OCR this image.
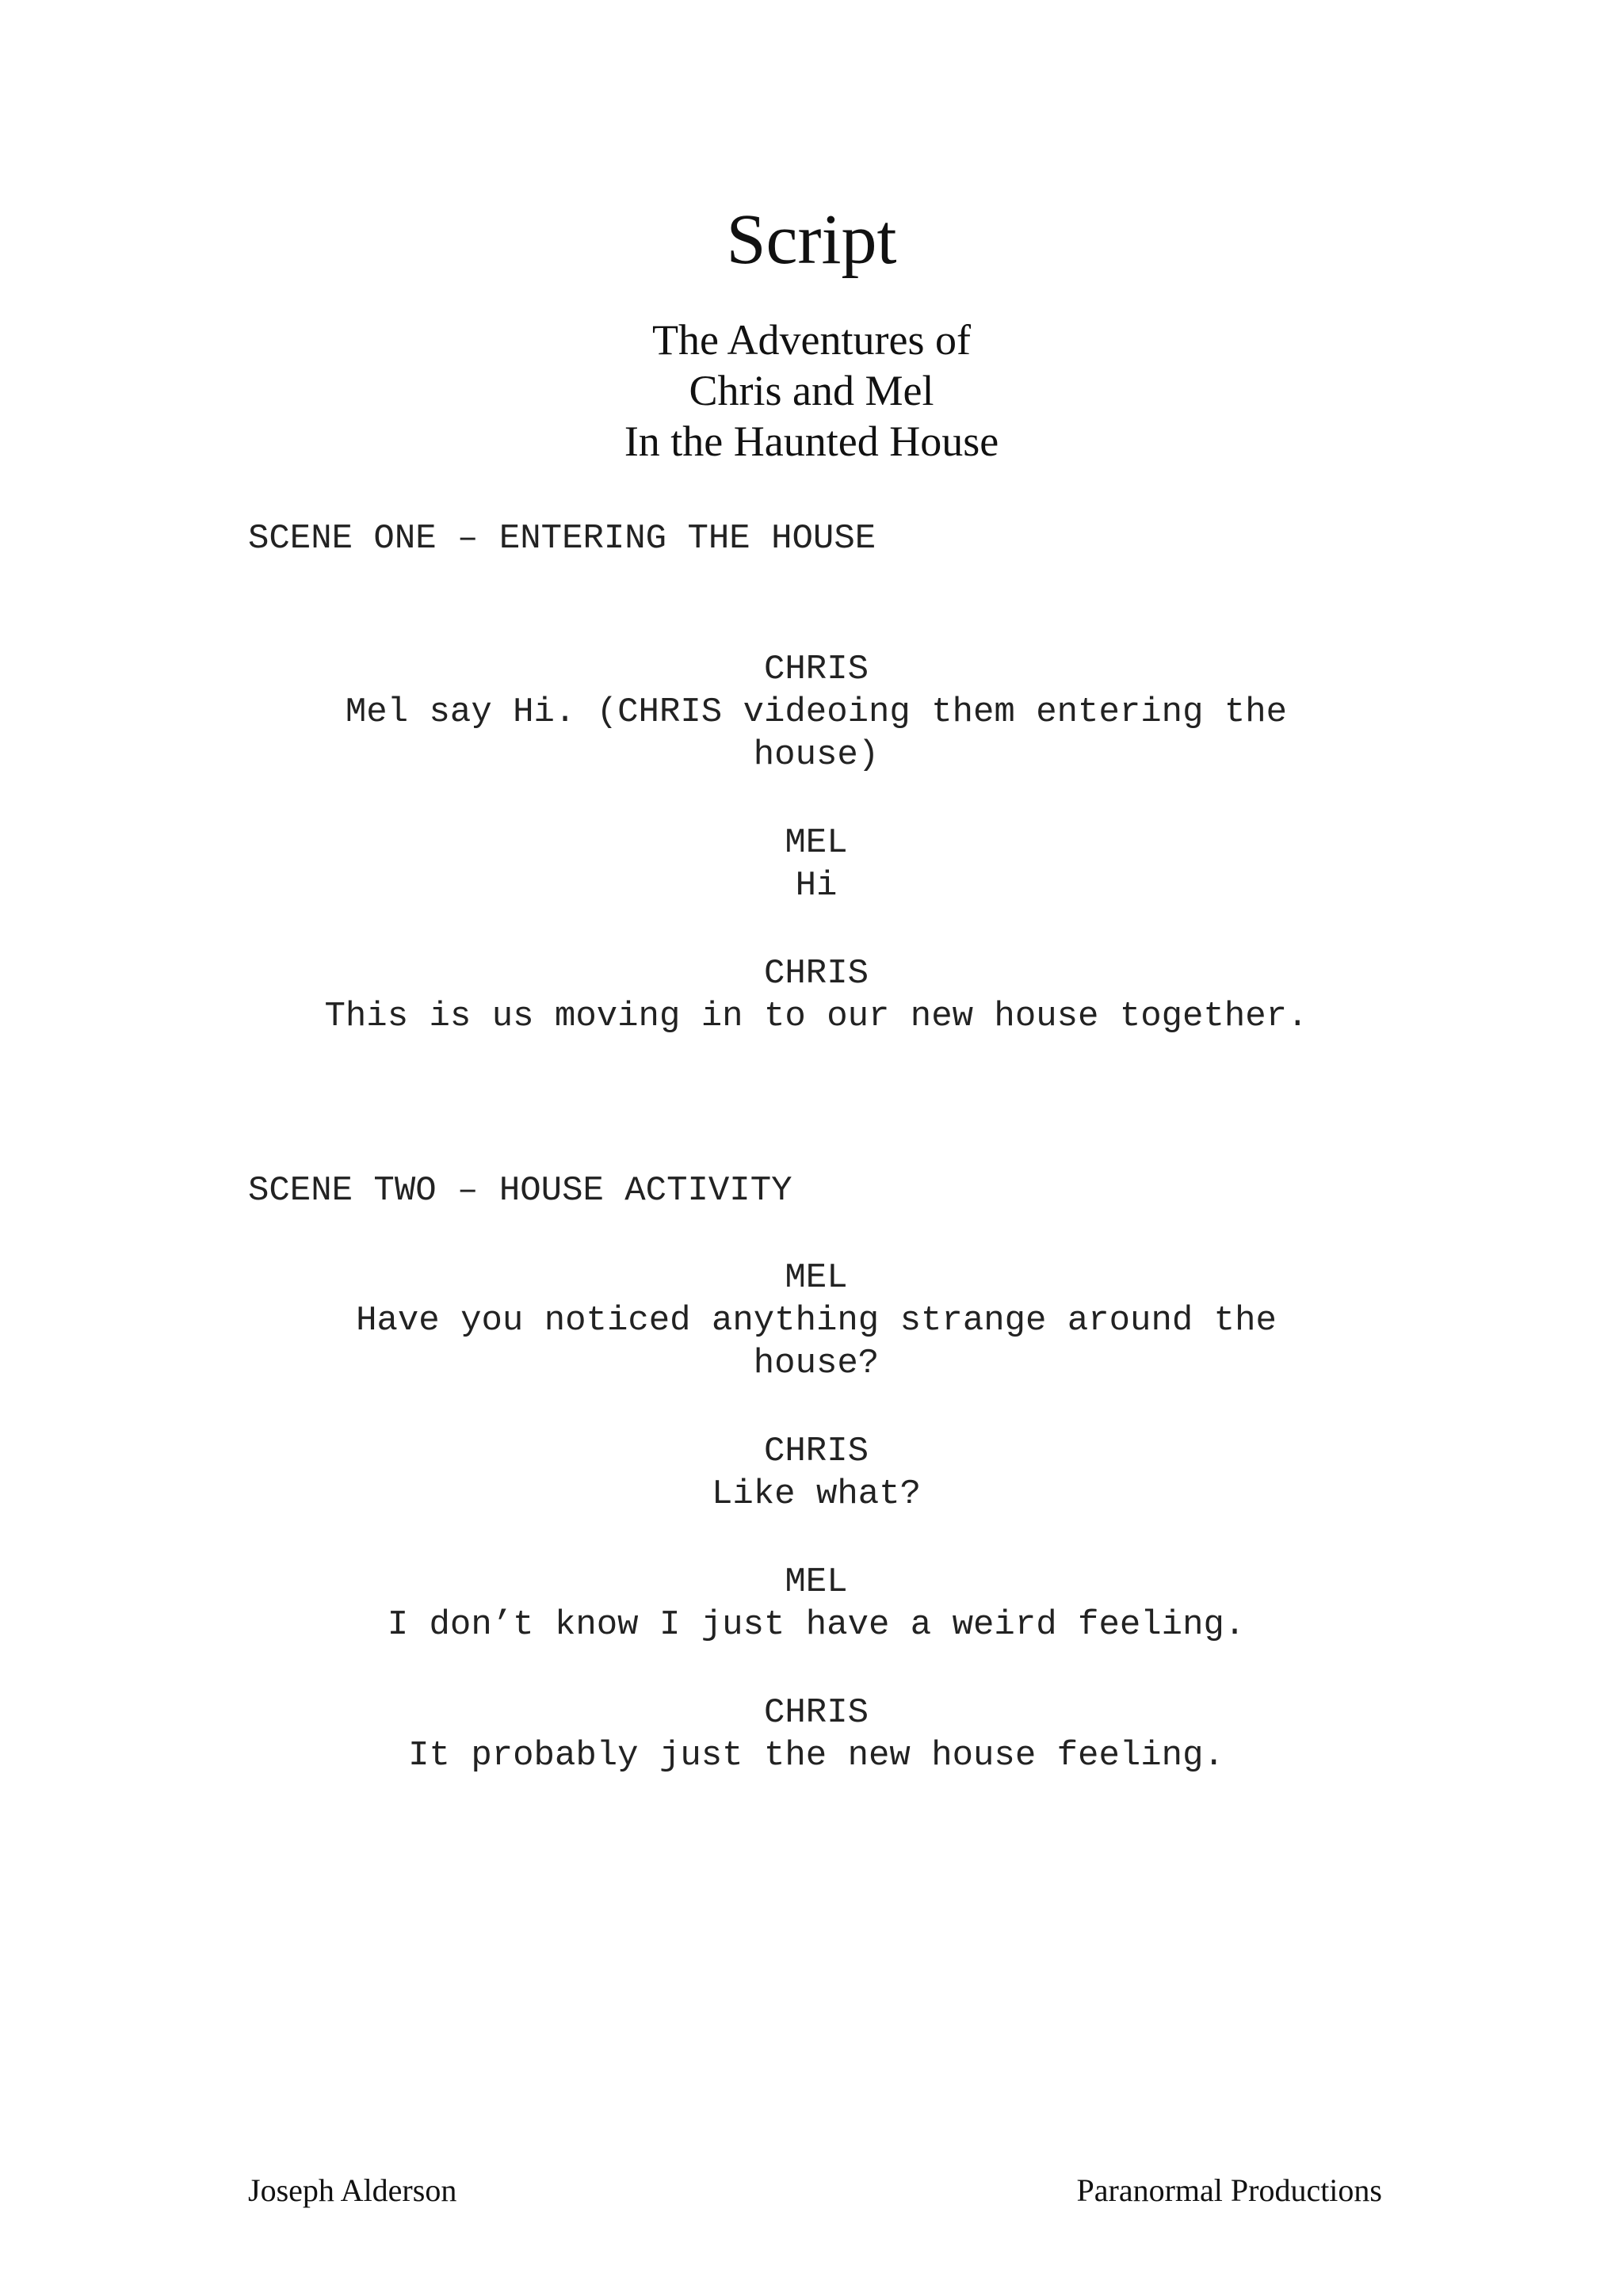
Script
The Adventures of
Chris and Mel
In the Haunted House
SCENE ONE – ENTERING THE HOUSE
CHRIS
Mel say Hi. (CHRIS videoing them entering the
house)
MEL
Hi
CHRIS
This is us moving in to our new house together.
SCENE TWO – HOUSE ACTIVITY
MEL
Have you noticed anything strange around the
house?
CHRIS
Like what?
MEL
I don’t know I just have a weird feeling.
CHRIS
It probably just the new house feeling.
Joseph Alderson	Paranormal Productions
